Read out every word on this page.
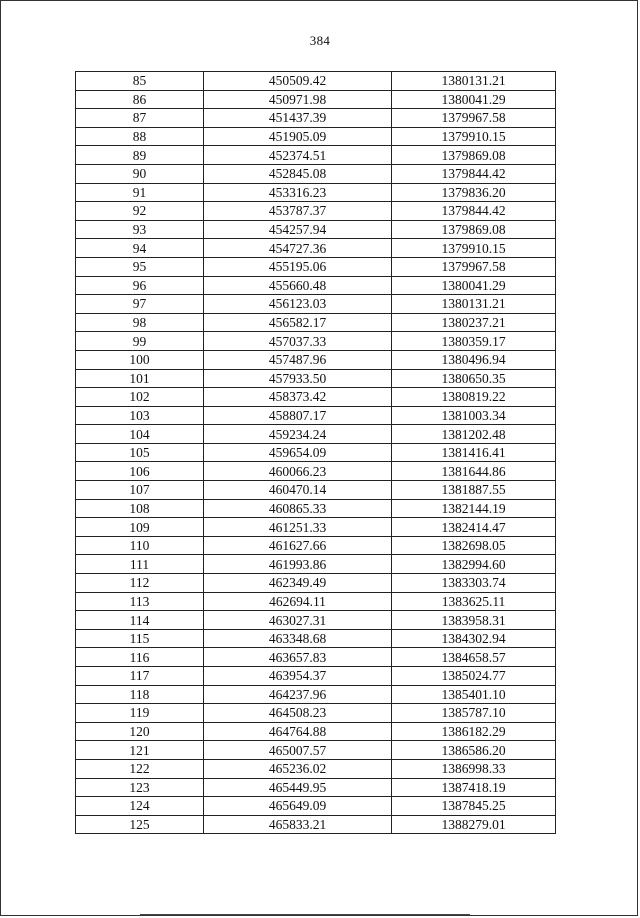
384
85	450509.42	1380131.21
86	450971.98	1380041.29
87	451437.39	1379967.58
88	451905.09	1379910.15
89	452374.51	1379869.08
90	452845.08	1379844.42
91	453316.23	1379836.20
92	453787.37	1379844.42
93	454257.94	1379869.08
94	454727.36	1379910.15
95	455195.06	1379967.58
96	455660.48	1380041.29
97	456123.03	1380131.21
98	456582.17	1380237.21
99	457037.33	1380359.17
100	457487.96	1380496.94
101	457933.50	1380650.35
102	458373.42	1380819.22
103	458807.17	1381003.34
104	459234.24	1381202.48
105	459654.09	1381416.41
106	460066.23	1381644.86
107	460470.14	1381887.55
108	460865.33	1382144.19
109	461251.33	1382414.47
110	461627.66	1382698.05
111	461993.86	1382994.60
112	462349.49	1383303.74
113	462694.11	1383625.11
114	463027.31	1383958.31
115	463348.68	1384302.94
116	463657.83	1384658.57
117	463954.37	1385024.77
118	464237.96	1385401.10
119	464508.23	1385787.10
120	464764.88	1386182.29
121	465007.57	1386586.20
122	465236.02	1386998.33
123	465449.95	1387418.19
124	465649.09	1387845.25
125	465833.21	1388279.01
